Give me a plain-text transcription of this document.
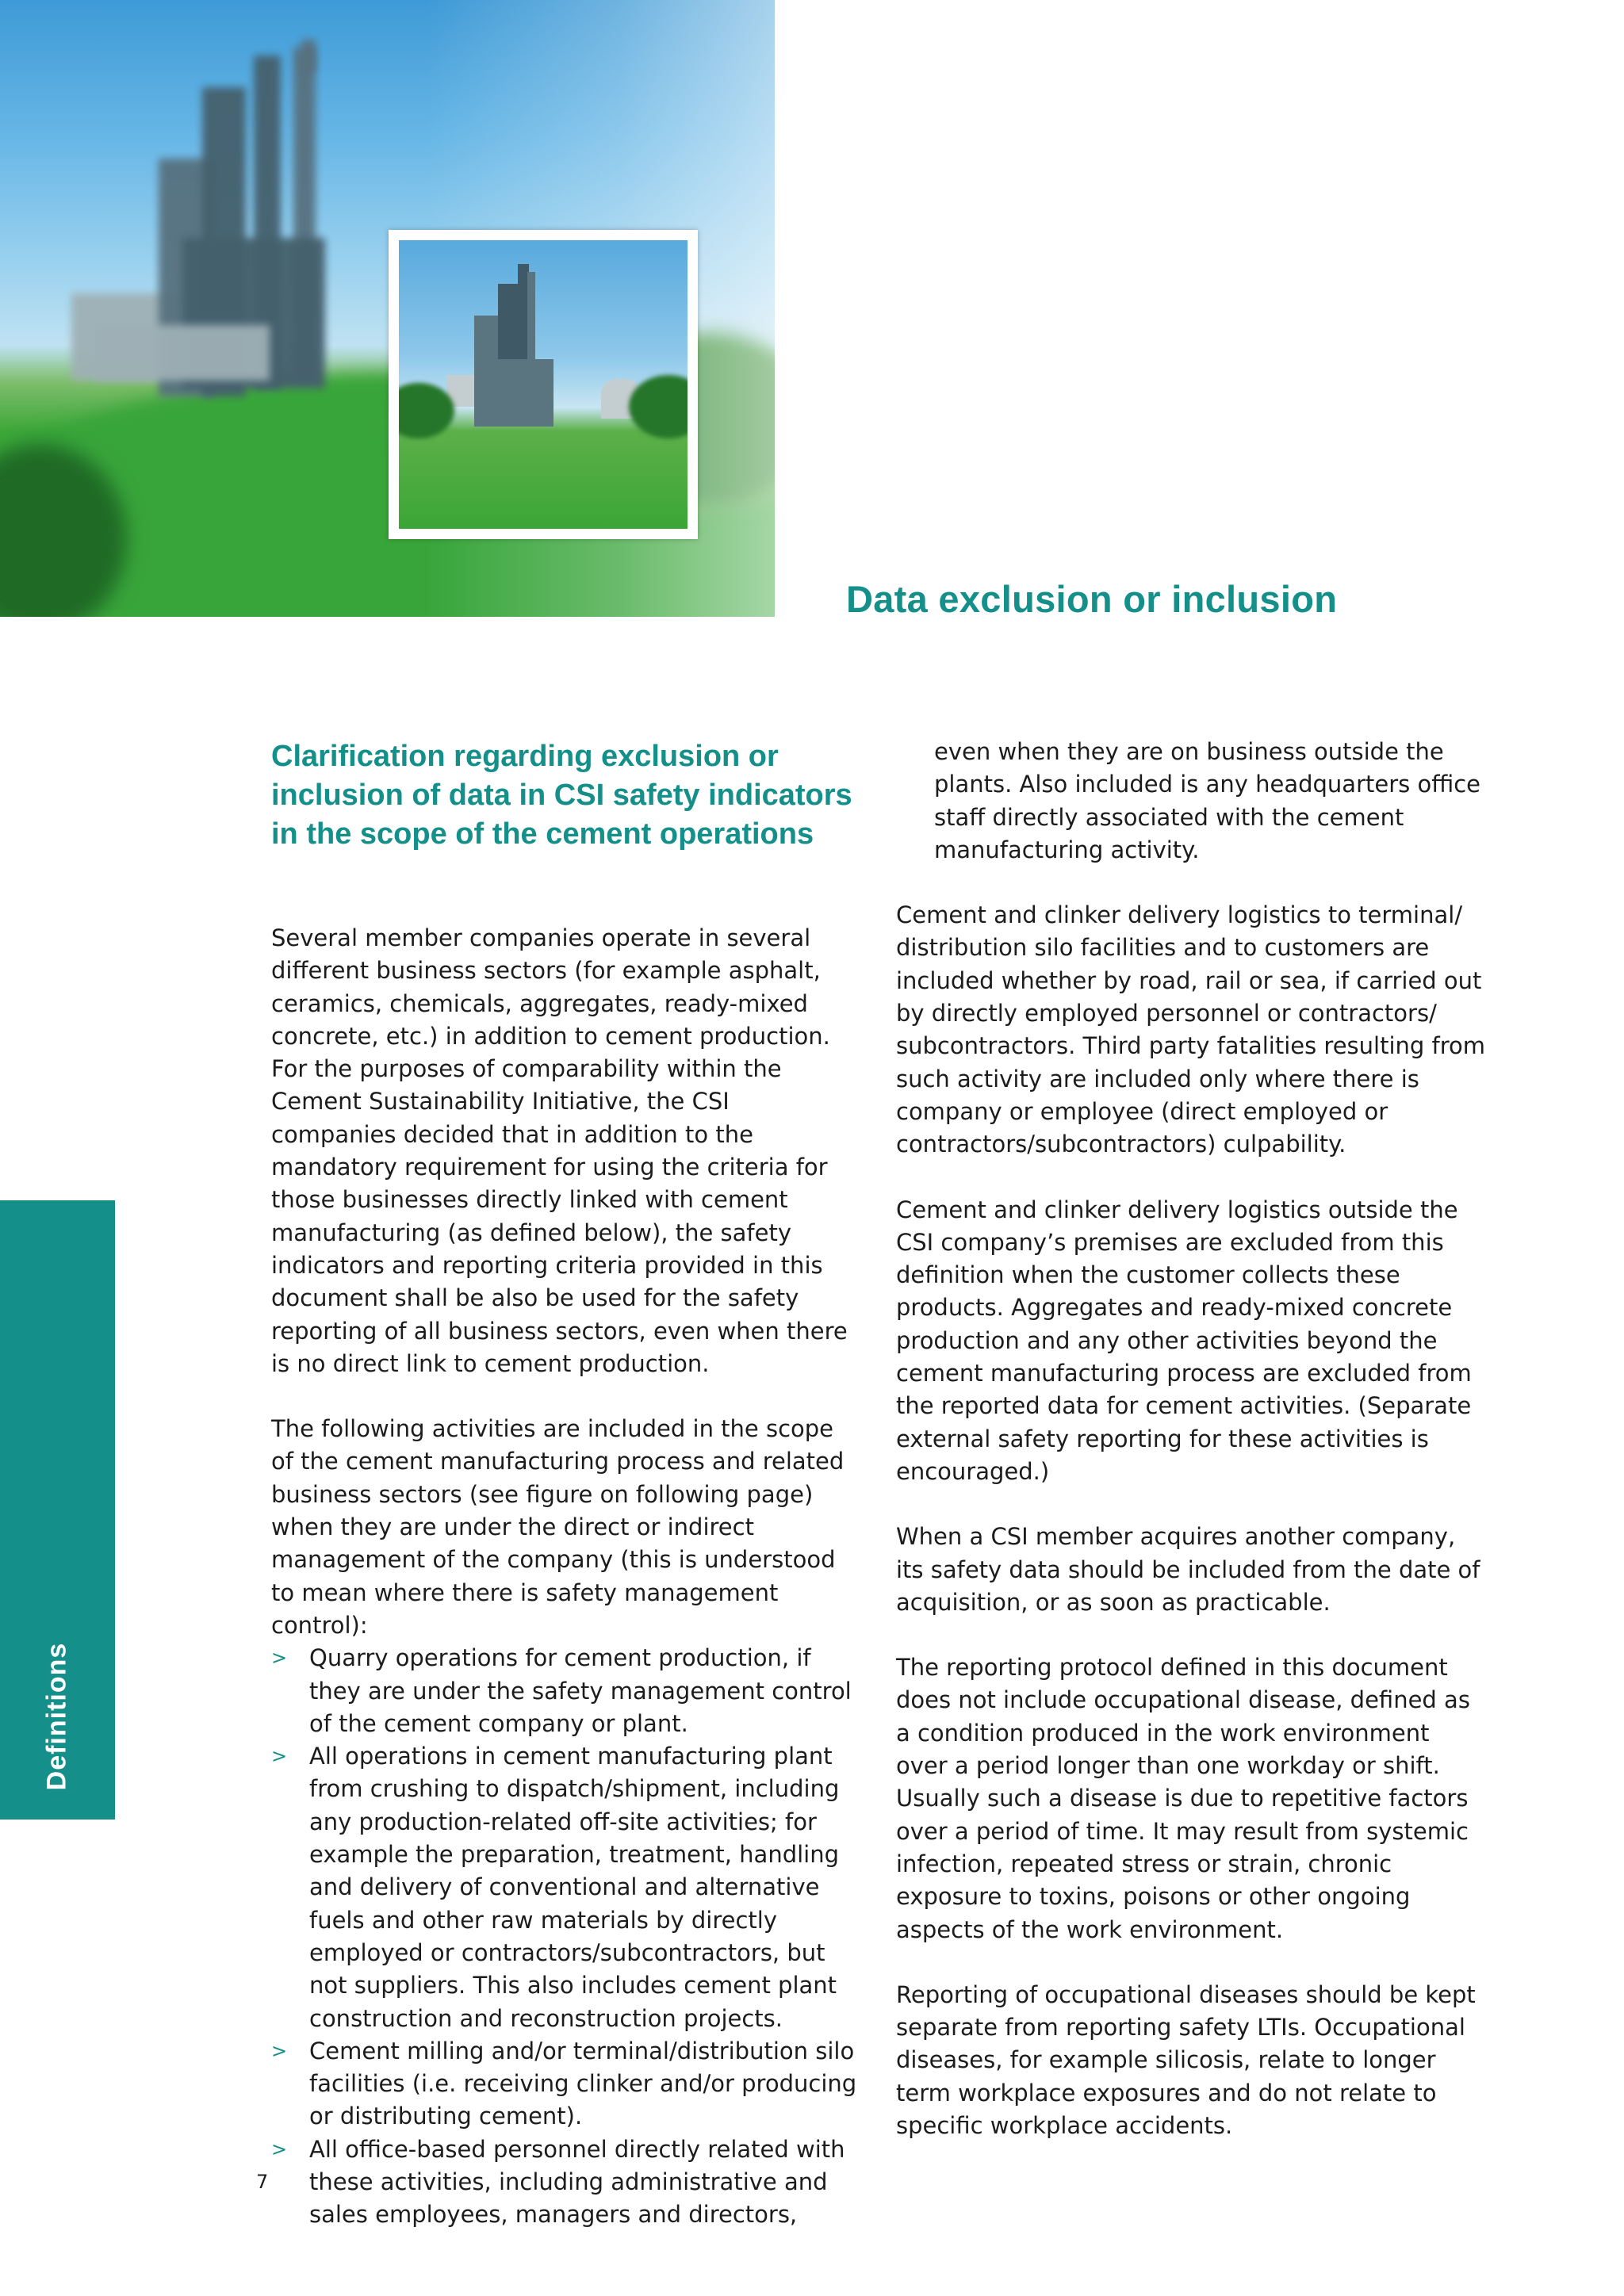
Data exclusion or inclusion
Clarification regarding exclusion or inclusion of data in CSI safety indicators in the scope of the cement operations

Several member companies operate in several different business sectors (for example asphalt, ceramics, chemicals, aggregates, ready-mixed concrete, etc.) in addition to cement production. For the purposes of comparability within the Cement Sustainability Initiative, the CSI companies decided that in addition to the mandatory requirement for using the criteria for those businesses directly linked with cement manufacturing (as defined below), the safety indicators and reporting criteria provided in this document shall be also be used for the safety reporting of all business sectors, even when there is no direct link to cement production.

The following activities are included in the scope of the cement manufacturing process and related business sectors (see figure on following page) when they are under the direct or indirect management of the company (this is understood to mean where there is safety management control):

> Quarry operations for cement production, if they are under the safety management control of the cement company or plant.
> All operations in cement manufacturing plant from crushing to dispatch/shipment, including any production-related off-site activities; for example the preparation, treatment, handling and delivery of conventional and alternative fuels and other raw materials by directly employed or contractors/subcontractors, but not suppliers. This also includes cement plant construction and reconstruction projects.
> Cement milling and/or terminal/distribution silo facilities (i.e. receiving clinker and/or producing or distributing cement).
> All office-based personnel directly related with these activities, including administrative and sales employees, managers and directors,

even when they are on business outside the plants. Also included is any headquarters office staff directly associated with the cement manufacturing activity.

Cement and clinker delivery logistics to terminal/ distribution silo facilities and to customers are included whether by road, rail or sea, if carried out by directly employed personnel or contractors/ subcontractors. Third party fatalities resulting from such activity are included only where there is company or employee (direct employed or contractors/subcontractors) culpability.

Cement and clinker delivery logistics outside the CSI company’s premises are excluded from this definition when the customer collects these products. Aggregates and ready-mixed concrete production and any other activities beyond the cement manufacturing process are excluded from the reported data for cement activities. (Separate external safety reporting for these activities is encouraged.)

When a CSI member acquires another company, its safety data should be included from the date of acquisition, or as soon as practicable.

The reporting protocol defined in this document does not include occupational disease, defined as a condition produced in the work environment over a period longer than one workday or shift. Usually such a disease is due to repetitive factors over a period of time. It may result from systemic infection, repeated stress or strain, chronic exposure to toxins, poisons or other ongoing aspects of the work environment.

Reporting of occupational diseases should be kept separate from reporting safety LTIs. Occupational diseases, for example silicosis, relate to longer term workplace exposures and do not relate to specific workplace accidents.

Definitions
7
